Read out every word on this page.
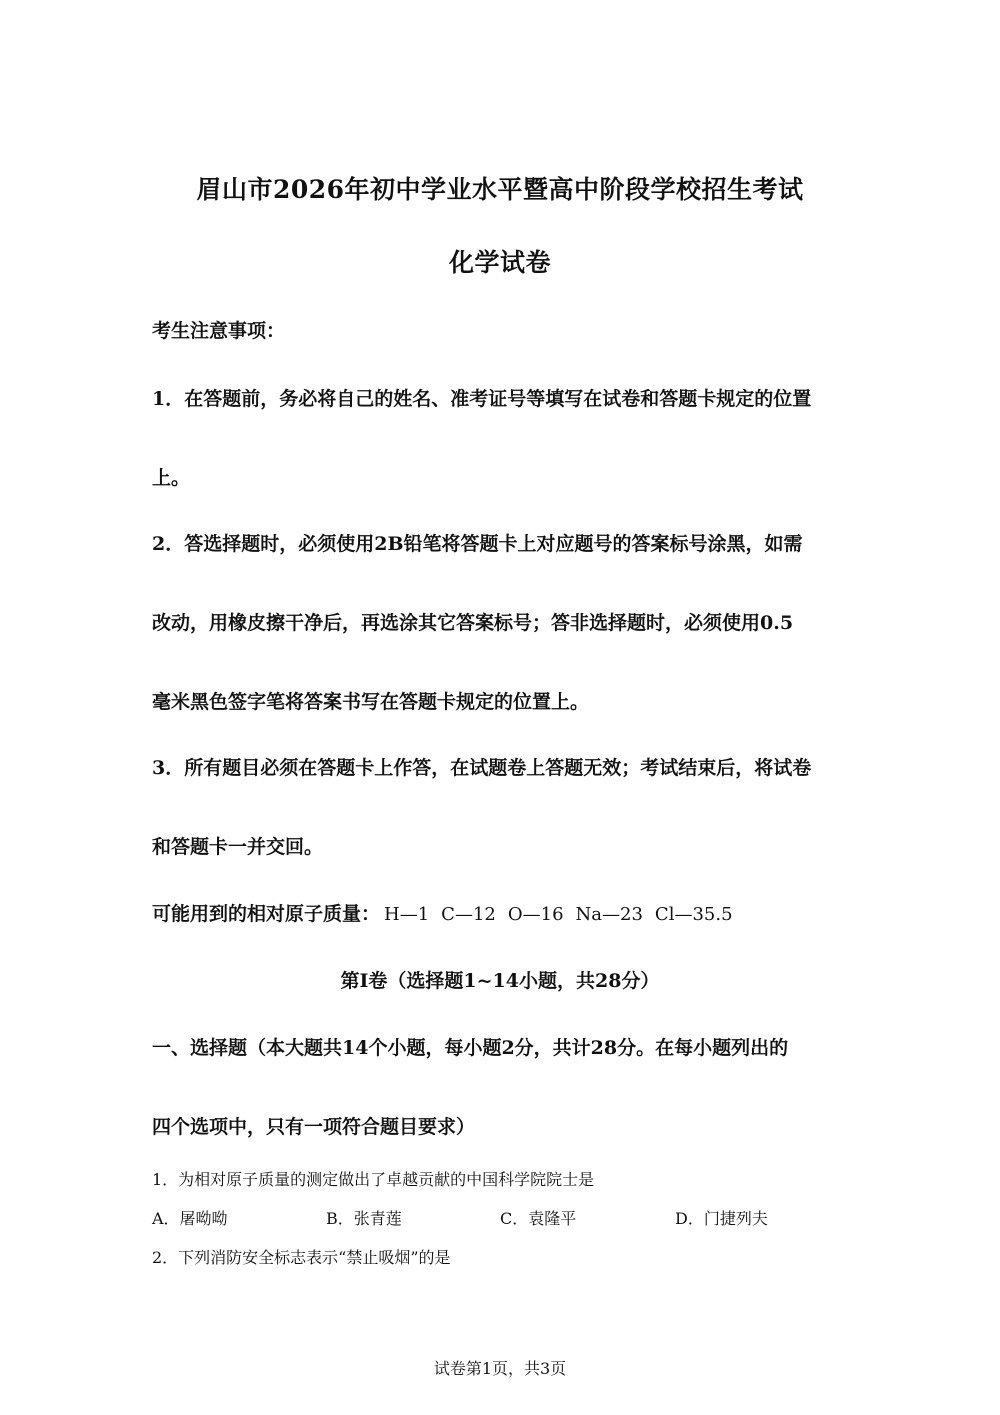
眉山市2026年初中学业水平暨高中阶段学校招生考试
化学试卷
考生注意事项：
1．在答题前，务必将自己的姓名、准考证号等填写在试卷和答题卡规定的位置
上。
2．答选择题时，必须使用2B铅笔将答题卡上对应题号的答案标号涂黑，如需
改动，用橡皮擦干净后，再选涂其它答案标号；答非选择题时，必须使用0.5
毫米黑色签字笔将答案书写在答题卡规定的位置上。
3．所有题目必须在答题卡上作答，在试题卷上答题无效；考试结束后，将试卷
和答题卡一并交回。
可能用到的相对原子质量： H—1 C—12 O—16 Na—23 Cl—35.5
第Ⅰ卷（选择题1~14小题，共28分）
一、选择题（本大题共14个小题，每小题2分，共计28分。在每小题列出的
四个选项中，只有一项符合题目要求）
1．为相对原子质量的测定做出了卓越贡献的中国科学院院士是
A．屠呦呦	B．张青莲	C．袁隆平	D．门捷列夫
2．下列消防安全标志表示“禁止吸烟”的是
试卷第1页，共3页
